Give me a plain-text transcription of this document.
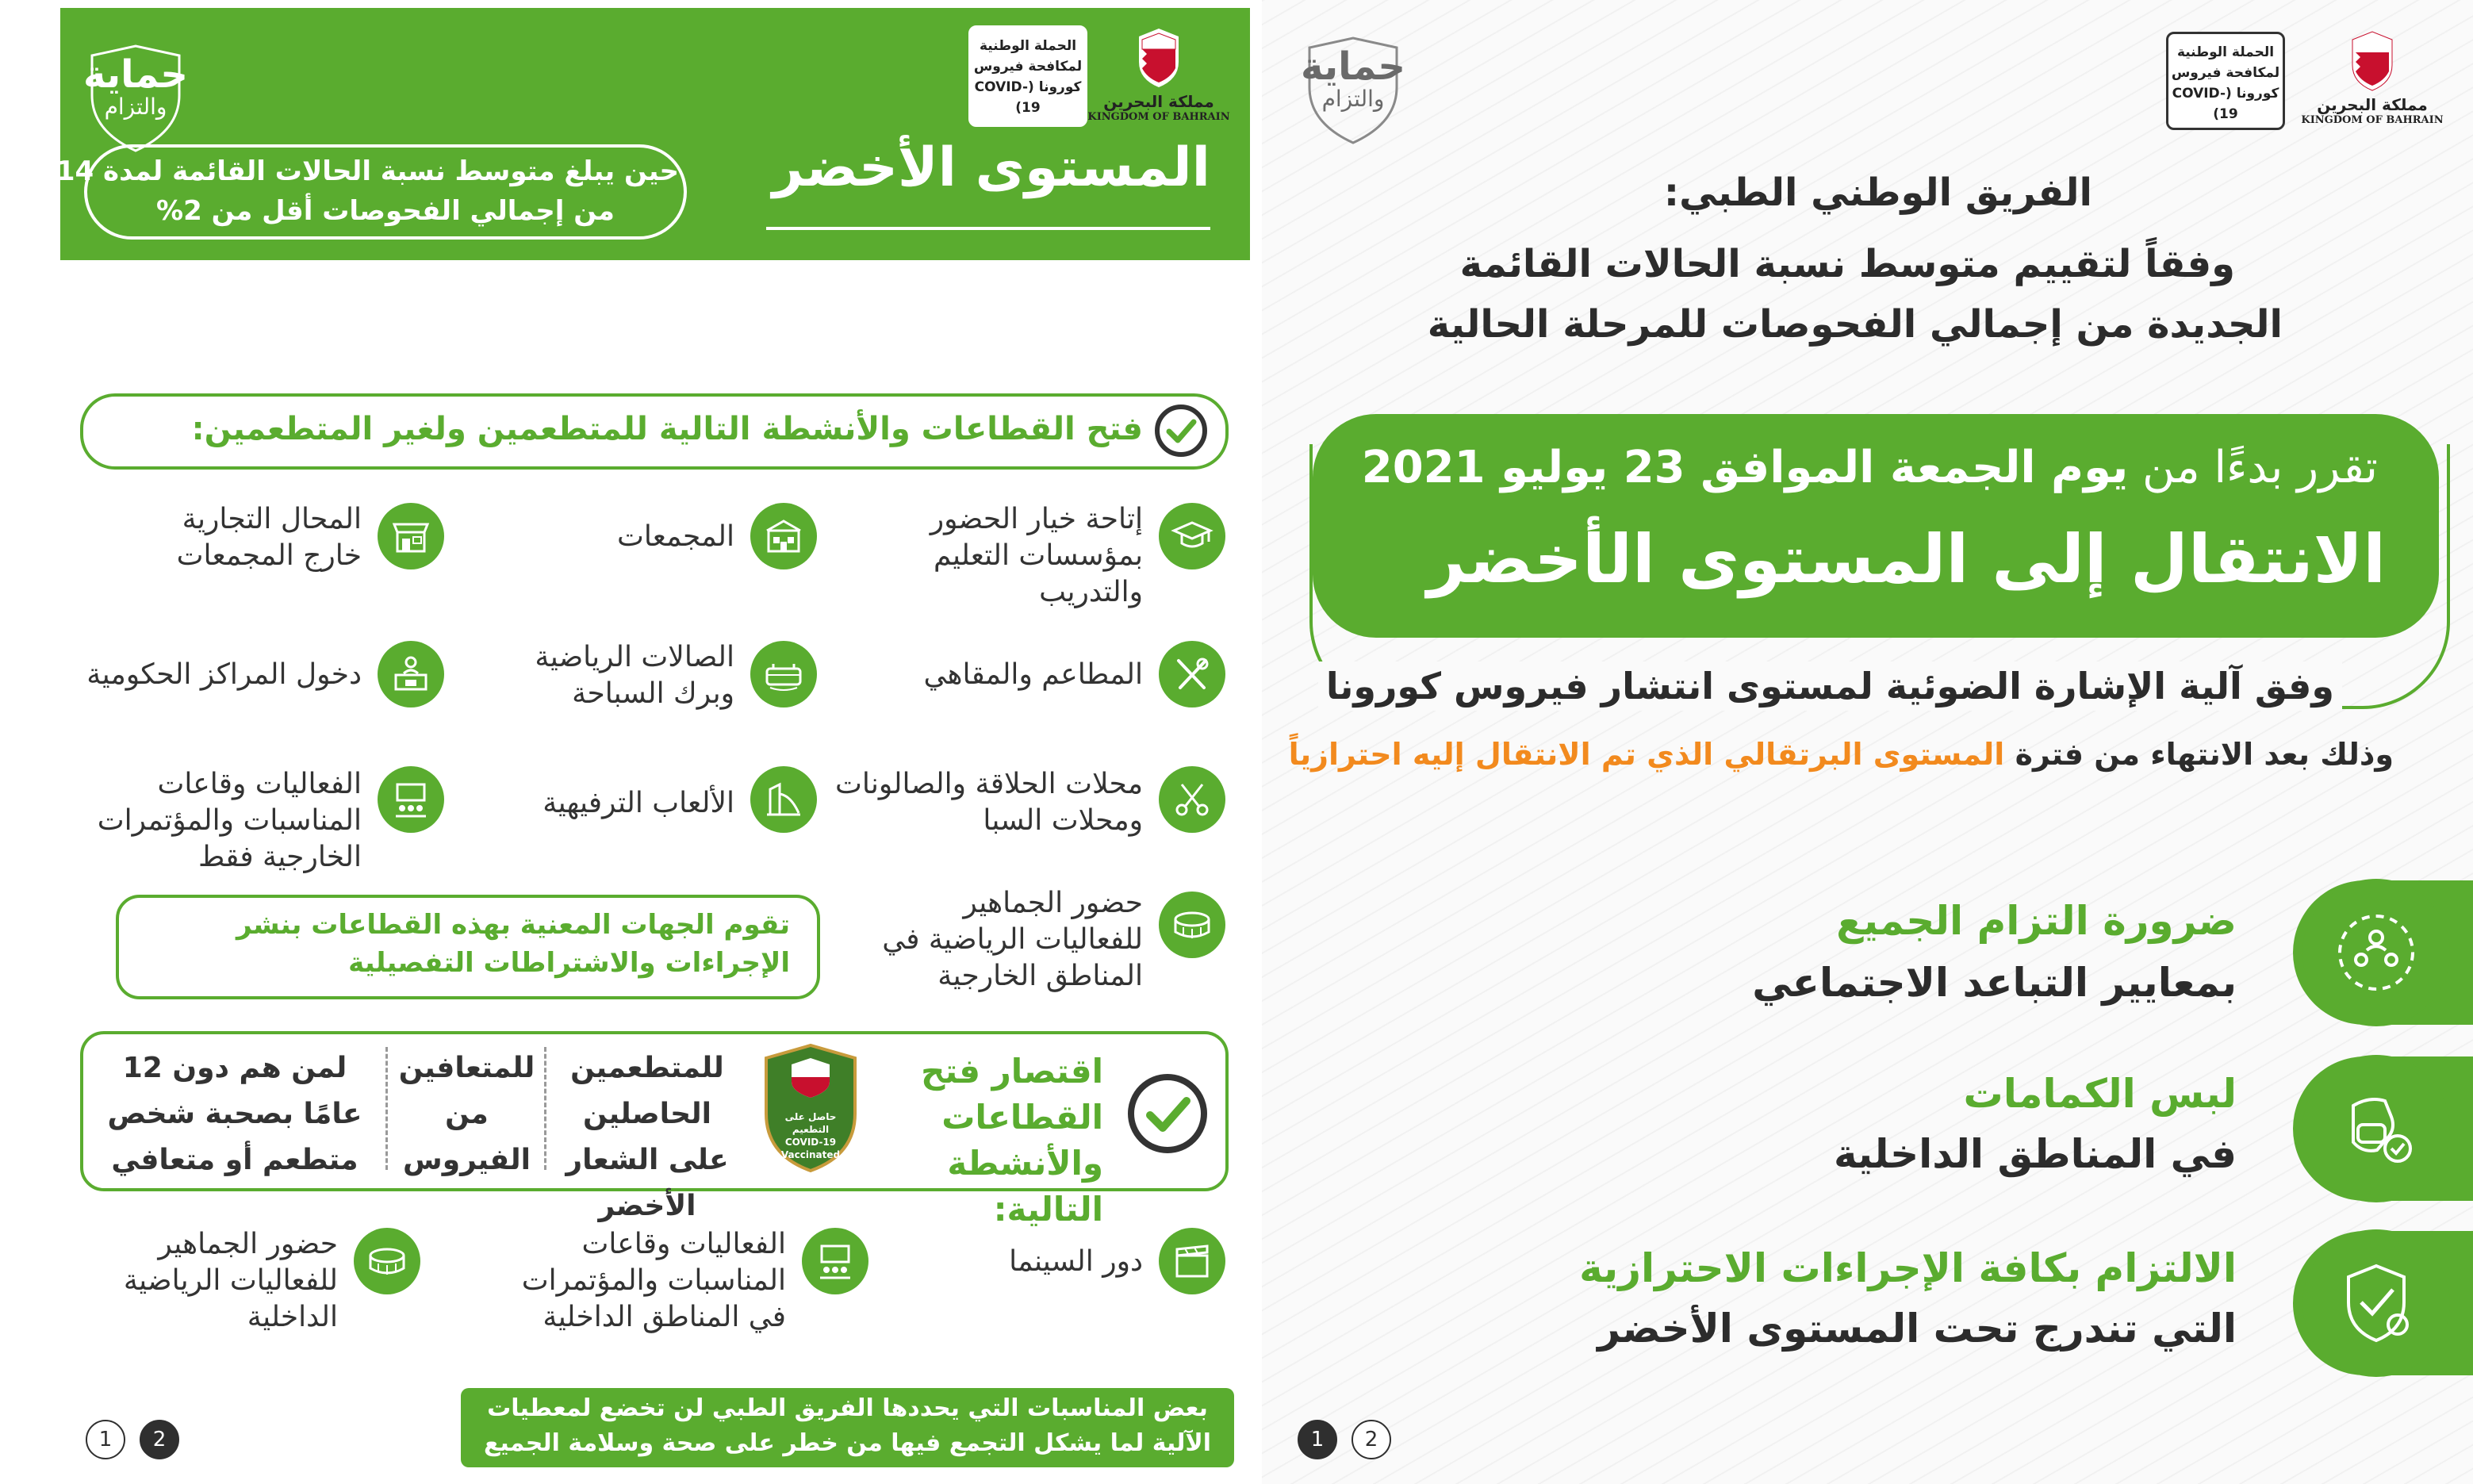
حماية
والتزام	مملكة البحرين
KINGDOM OF BAHRAIN
الحملة الوطنية لمكافحة فيروس كورونا (COVID-19)
المستوى الأخضر
حين يبلغ متوسط نسبة الحالات القائمة لمدة 14 يوم
من إجمالي الفحوصات أقل من 2%
فتح القطاعات والأنشطة التالية للمتطعمين ولغير المتطعمين:
إتاحة خيار الحضور بمؤسسات التعليم والتدريب
المجمعات
المحال التجارية خارج المجمعات
المطاعم والمقاهي
الصالات الرياضية وبرك السباحة
دخول المراكز الحكومية
محلات الحلاقة والصالونات ومحلات السبا
الألعاب الترفيهية
الفعاليات وقاعات المناسبات والمؤتمرات الخارجية فقط
حضور الجماهير للفعاليات الرياضية في المناطق الخارجية
تقوم الجهات المعنية بهذه القطاعات بنشر الإجراءات والاشتراطات التفصيلية
اقتصار فتح القطاعات والأنشطة التالية:
حاصل على التطعيم COVID-19 Vaccinated
للمتطعمين الحاصلين على الشعار الأخضر
للمتعافين من الفيروس
لمن هم دون 12 عامًا بصحبة شخص متطعم أو متعافي
دور السينما
الفعاليات وقاعات المناسبات والمؤتمرات في المناطق الداخلية
حضور الجماهير للفعاليات الرياضية الداخلية
بعض المناسبات التي يحددها الفريق الطبي لن تخضع لمعطيات
الآلية لما يشكل التجمع فيها من خطر على صحة وسلامة الجميع
2
1
حماية
والتزام	مملكة البحرين
KINGDOM OF BAHRAIN
الحملة الوطنية لمكافحة فيروس كورونا (COVID-19)
الفريق الوطني الطبي:
وفقاً لتقييم متوسط نسبة الحالات القائمة
الجديدة من إجمالي الفحوصات للمرحلة الحالية
تقرر بدءًا من يوم الجمعة الموافق 23 يوليو 2021
الانتقال إلى المستوى الأخضر
وفق آلية الإشارة الضوئية لمستوى انتشار فيروس كورونا
وذلك بعد الانتهاء من فترة المستوى البرتقالي الذي تم الانتقال إليه احترازياً
ضرورة التزام الجميع
بمعايير التباعد الاجتماعي
لبس الكمامات
في المناطق الداخلية
الالتزام بكافة الإجراءات الاحترازية
التي تندرج تحت المستوى الأخضر
2
1
